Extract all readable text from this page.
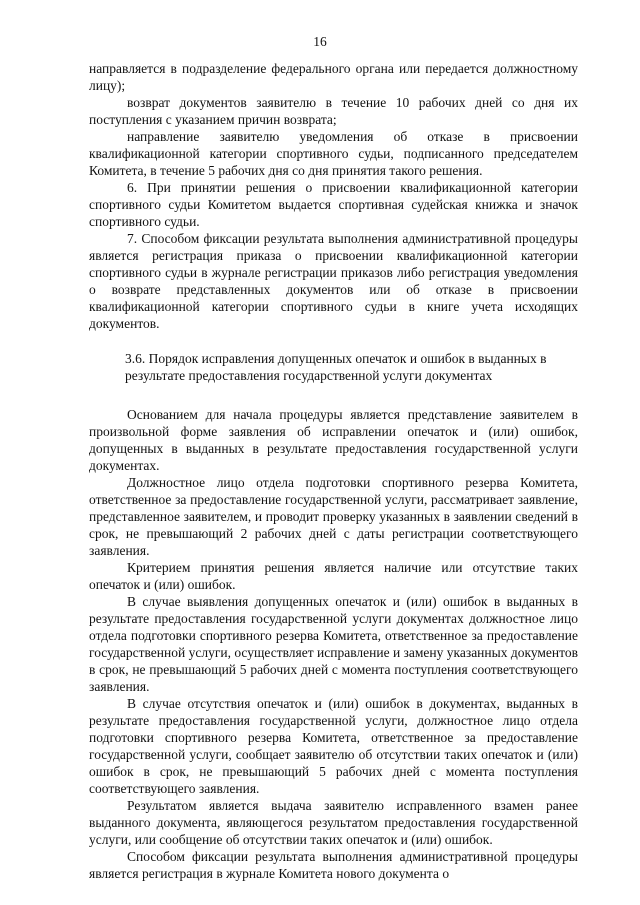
16

направляется в подразделение федерального органа или передается должностному лицу);

возврат документов заявителю в течение 10 рабочих дней со дня их поступления с указанием причин возврата;

направление заявителю уведомления об отказе в присвоении квалификационной категории спортивного судьи, подписанного председателем Комитета, в течение 5 рабочих дня со дня принятия такого решения.

6. При принятии решения о присвоении квалификационной категории спортивного судьи Комитетом выдается спортивная судейская книжка и значок спортивного судьи.

7. Способом фиксации результата выполнения административной процедуры является регистрация приказа о присвоении квалификационной категории спортивного судьи в журнале регистрации приказов либо регистрация уведомления о возврате представленных документов или об отказе в присвоении квалификационной категории спортивного судьи в книге учета исходящих документов.

3.6. Порядок исправления допущенных опечаток и ошибок в выданных в результате предоставления государственной услуги документах

Основанием для начала процедуры является представление заявителем в произвольной форме заявления об исправлении опечаток и (или) ошибок, допущенных в выданных в результате предоставления государственной услуги документах.

Должностное лицо отдела подготовки спортивного резерва Комитета, ответственное за предоставление государственной услуги, рассматривает заявление, представленное заявителем, и проводит проверку указанных в заявлении сведений в срок, не превышающий 2 рабочих дней с даты регистрации соответствующего заявления.

Критерием принятия решения является наличие или отсутствие таких опечаток и (или) ошибок.

В случае выявления допущенных опечаток и (или) ошибок в выданных в результате предоставления государственной услуги документах должностное лицо отдела подготовки спортивного резерва Комитета, ответственное за предоставление государственной услуги, осуществляет исправление и замену указанных документов в срок, не превышающий 5 рабочих дней с момента поступления соответствующего заявления.

В случае отсутствия опечаток и (или) ошибок в документах, выданных в результате предоставления государственной услуги, должностное лицо отдела подготовки спортивного резерва Комитета, ответственное за предоставление государственной услуги, сообщает заявителю об отсутствии таких опечаток и (или) ошибок в срок, не превышающий 5 рабочих дней с момента поступления соответствующего заявления.

Результатом является выдача заявителю исправленного взамен ранее выданного документа, являющегося результатом предоставления государственной услуги, или сообщение об отсутствии таких опечаток и (или) ошибок.

Способом фиксации результата выполнения административной процедуры является регистрация в журнале Комитета нового документа о
